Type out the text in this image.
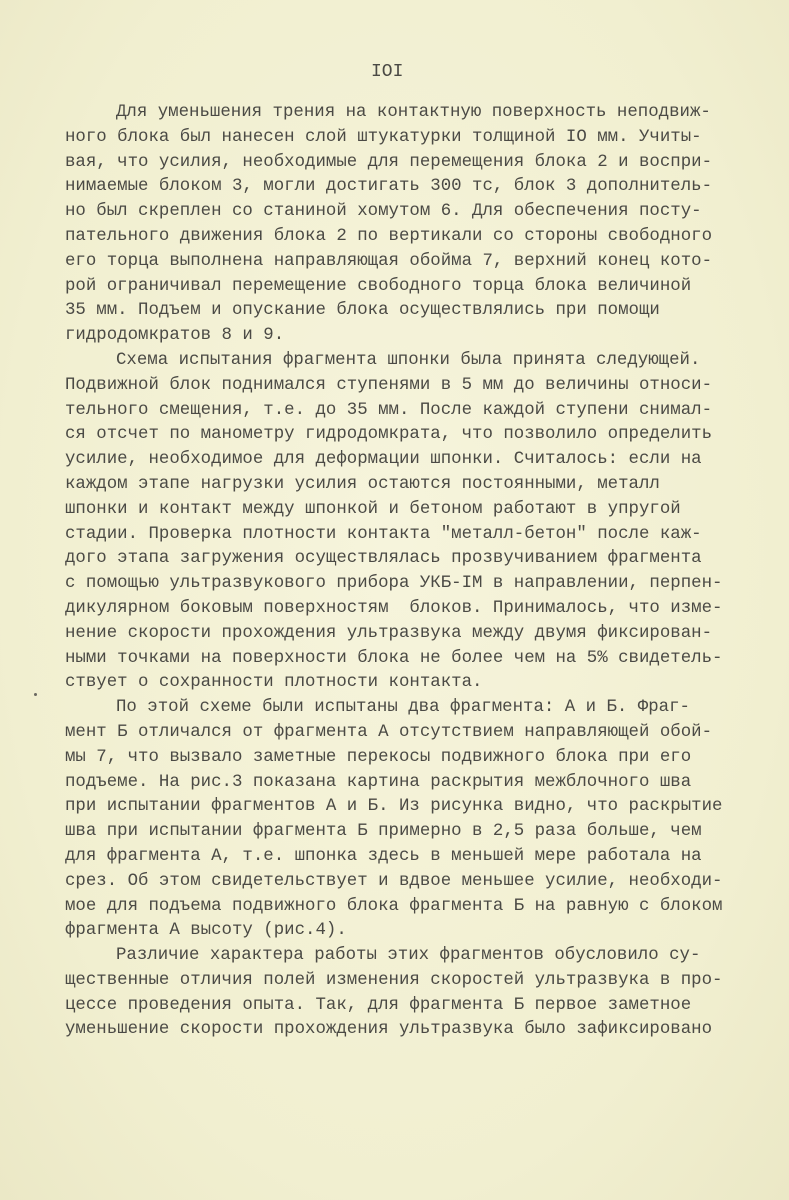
IOI
Для уменьшения трения на контактную поверхность неподвиж-
ного блока был нанесен слой штукатурки толщиной IO мм. Учиты-
вая, что усилия, необходимые для перемещения блока 2 и воспри-
нимаемые блоком 3, могли достигать 300 тс, блок 3 дополнитель-
но был скреплен со станиной хомутом 6. Для обеспечения посту-
пательного движения блока 2 по вертикали со стороны свободного
его торца выполнена направляющая обойма 7, верхний конец кото-
рой ограничивал перемещение свободного торца блока величиной
35 мм. Подъем и опускание блока осуществлялись при помощи
гидродомкратов 8 и 9.
Схема испытания фрагмента шпонки была принята следующей.
Подвижной блок поднимался ступенями в 5 мм до величины относи-
тельного смещения, т.е. до 35 мм. После каждой ступени снимал-
ся отсчет по манометру гидродомкрата, что позволило определить
усилие, необходимое для деформации шпонки. Считалось: если на
каждом этапе нагрузки усилия остаются постоянными, металл
шпонки и контакт между шпонкой и бетоном работают в упругой
стадии. Проверка плотности контакта "металл-бетон" после каж-
дого этапа загружения осуществлялась прозвучиванием фрагмента
с помощью ультразвукового прибора УКБ-IМ в направлении, перпен-
дикулярном боковым поверхностям  блоков. Принималось, что изме-
нение скорости прохождения ультразвука между двумя фиксирован-
ными точками на поверхности блока не более чем на 5% свидетель-
ствует о сохранности плотности контакта.
По этой схеме были испытаны два фрагмента: А и Б. Фраг-
мент Б отличался от фрагмента А отсутствием направляющей обой-
мы 7, что вызвало заметные перекосы подвижного блока при его
подъеме. На рис.3 показана картина раскрытия межблочного шва
при испытании фрагментов А и Б. Из рисунка видно, что раскрытие
шва при испытании фрагмента Б примерно в 2,5 раза больше, чем
для фрагмента А, т.е. шпонка здесь в меньшей мере работала на
срез. Об этом свидетельствует и вдвое меньшее усилие, необходи-
мое для подъема подвижного блока фрагмента Б на равную с блоком
фрагмента А высоту (рис.4).
Различие характера работы этих фрагментов обусловило су-
щественные отличия полей изменения скоростей ультразвука в про-
цессе проведения опыта. Так, для фрагмента Б первое заметное
уменьшение скорости прохождения ультразвука было зафиксировано
